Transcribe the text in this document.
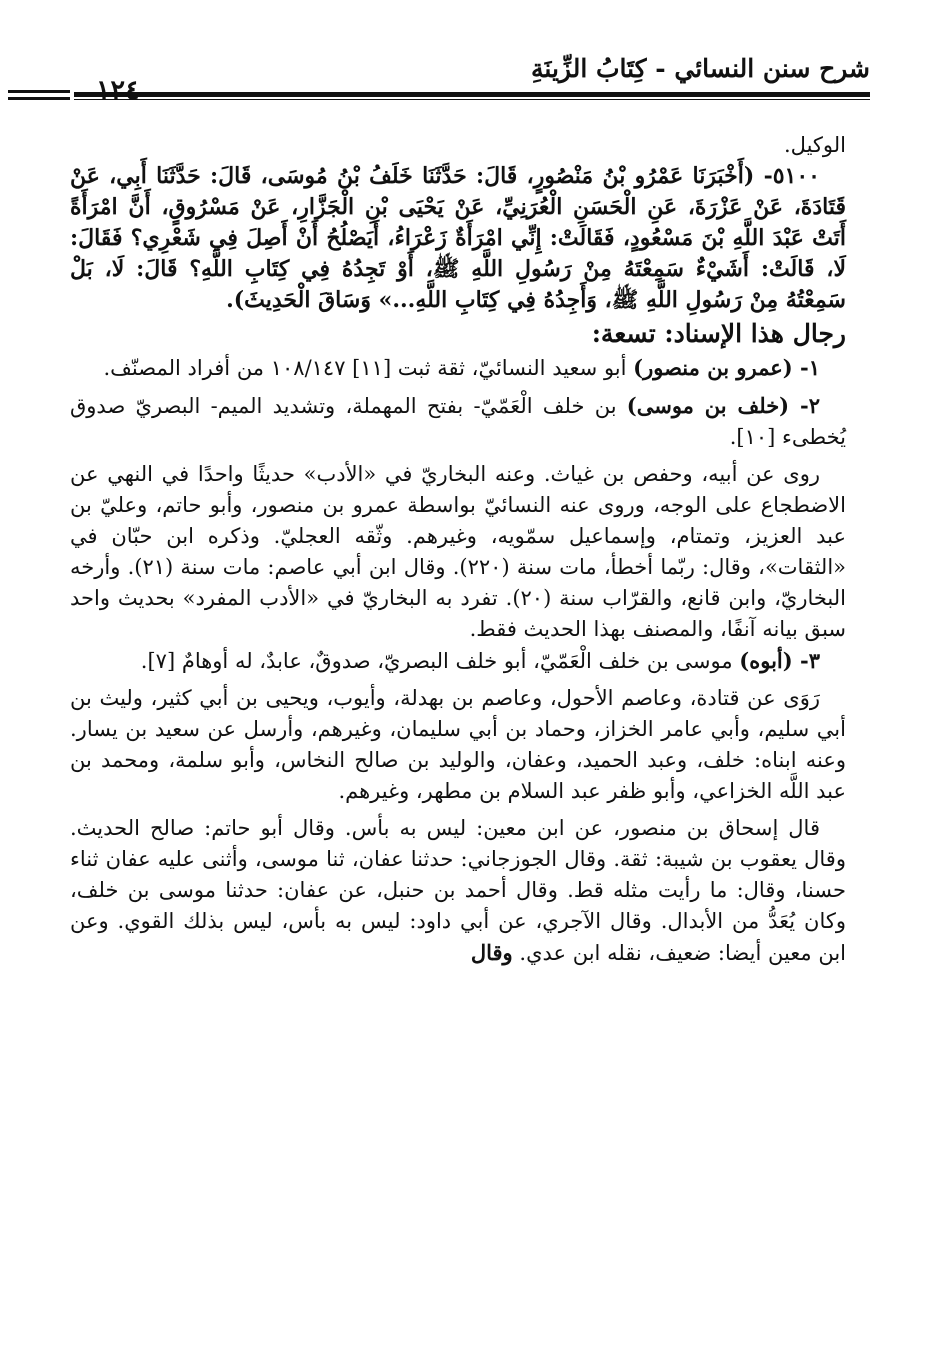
شرح سنن النسائي - كِتَابُ الزِّينَةِ
١٢٤

الوكيل.

٥١٠٠- (أَخْبَرَنَا عَمْرُو بْنُ مَنْصُورٍ، قَالَ: حَدَّثَنَا خَلَفُ بْنُ مُوسَى، قَالَ: حَدَّثَنَا أَبِي، عَنْ قَتَادَةَ، عَنْ عَزْرَةَ، عَنِ الْحَسَنِ الْعُرَنِيِّ، عَنْ يَحْيَى بْنِ الْجَزَّارِ، عَنْ مَسْرُوقٍ، أَنَّ امْرَأَةً أَتَتْ عَبْدَ اللَّهِ بْنَ مَسْعُودٍ، فَقَالَتْ: إِنِّي امْرَأَةٌ زَعْرَاءُ، أَيَصْلُحُ أَنْ أَصِلَ فِي شَعْرِي؟ فَقَالَ: لَا، قَالَتْ: أَشَيْءٌ سَمِعْتَهُ مِنْ رَسُولِ اللَّهِ ﷺ، أَوْ تَجِدُهُ فِي كِتَابِ اللَّهِ؟ قَالَ: لَا، بَلْ سَمِعْتُهُ مِنْ رَسُولِ اللَّهِ ﷺ، وَأَجِدُهُ فِي كِتَابِ اللَّهِ...» وَسَاقَ الْحَدِيثَ).

رجال هذا الإسناد: تسعة:

١- (عمرو بن منصور) أبو سعيد النسائيّ، ثقة ثبت [١١] ١٠٨/١٤٧ من أفراد المصنّف.

٢- (خلف بن موسى) بن خلف الْعَمّيّ- بفتح المهملة، وتشديد الميم- البصريّ صدوق يُخطىء [١٠].

روى عن أبيه، وحفص بن غياث. وعنه البخاريّ في «الأدب» حديثًا واحدًا في النهي عن الاضطجاع على الوجه، وروى عنه النسائيّ بواسطة عمرو بن منصور، وأبو حاتم، وعليّ بن عبد العزيز، وتمتام، وإسماعيل سمّويه، وغيرهم. وثّقه العجليّ. وذكره ابن حبّان في «الثقات»، وقال: ربّما أخطأ، مات سنة (٢٢٠). وقال ابن أبي عاصم: مات سنة (٢١). وأرخه البخاريّ، وابن قانع، والقرّاب سنة (٢٠). تفرد به البخاريّ في «الأدب المفرد» بحديث واحد سبق بيانه آنفًا، والمصنف بهذا الحديث فقط.

٣- (أبوه) موسى بن خلف الْعَمّيّ، أبو خلف البصريّ، صدوقٌ، عابدٌ، له أوهامٌ [٧].

رَوَى عن قتادة، وعاصم الأحول، وعاصم بن بهدلة، وأيوب، ويحيى بن أبي كثير، وليث بن أبي سليم، وأبي عامر الخزاز، وحماد بن أبي سليمان، وغيرهم، وأرسل عن سعيد بن يسار. وعنه ابناه: خلف، وعبد الحميد، وعفان، والوليد بن صالح النخاس، وأبو سلمة، ومحمد بن عبد اللَّه الخزاعي، وأبو ظفر عبد السلام بن مطهر، وغيرهم.

قال إسحاق بن منصور، عن ابن معين: ليس به بأس. وقال أبو حاتم: صالح الحديث. وقال يعقوب بن شيبة: ثقة. وقال الجوزجاني: حدثنا عفان، ثنا موسى، وأثنى عليه عفان ثناء حسنا، وقال: ما رأيت مثله قط. وقال أحمد بن حنبل، عن عفان: حدثنا موسى بن خلف، وكان يُعَدُّ من الأبدال. وقال الآجري، عن أبي داود: ليس به بأس، ليس بذلك القوي. وعن ابن معين أيضا: ضعيف، نقله ابن عدي. وقال
